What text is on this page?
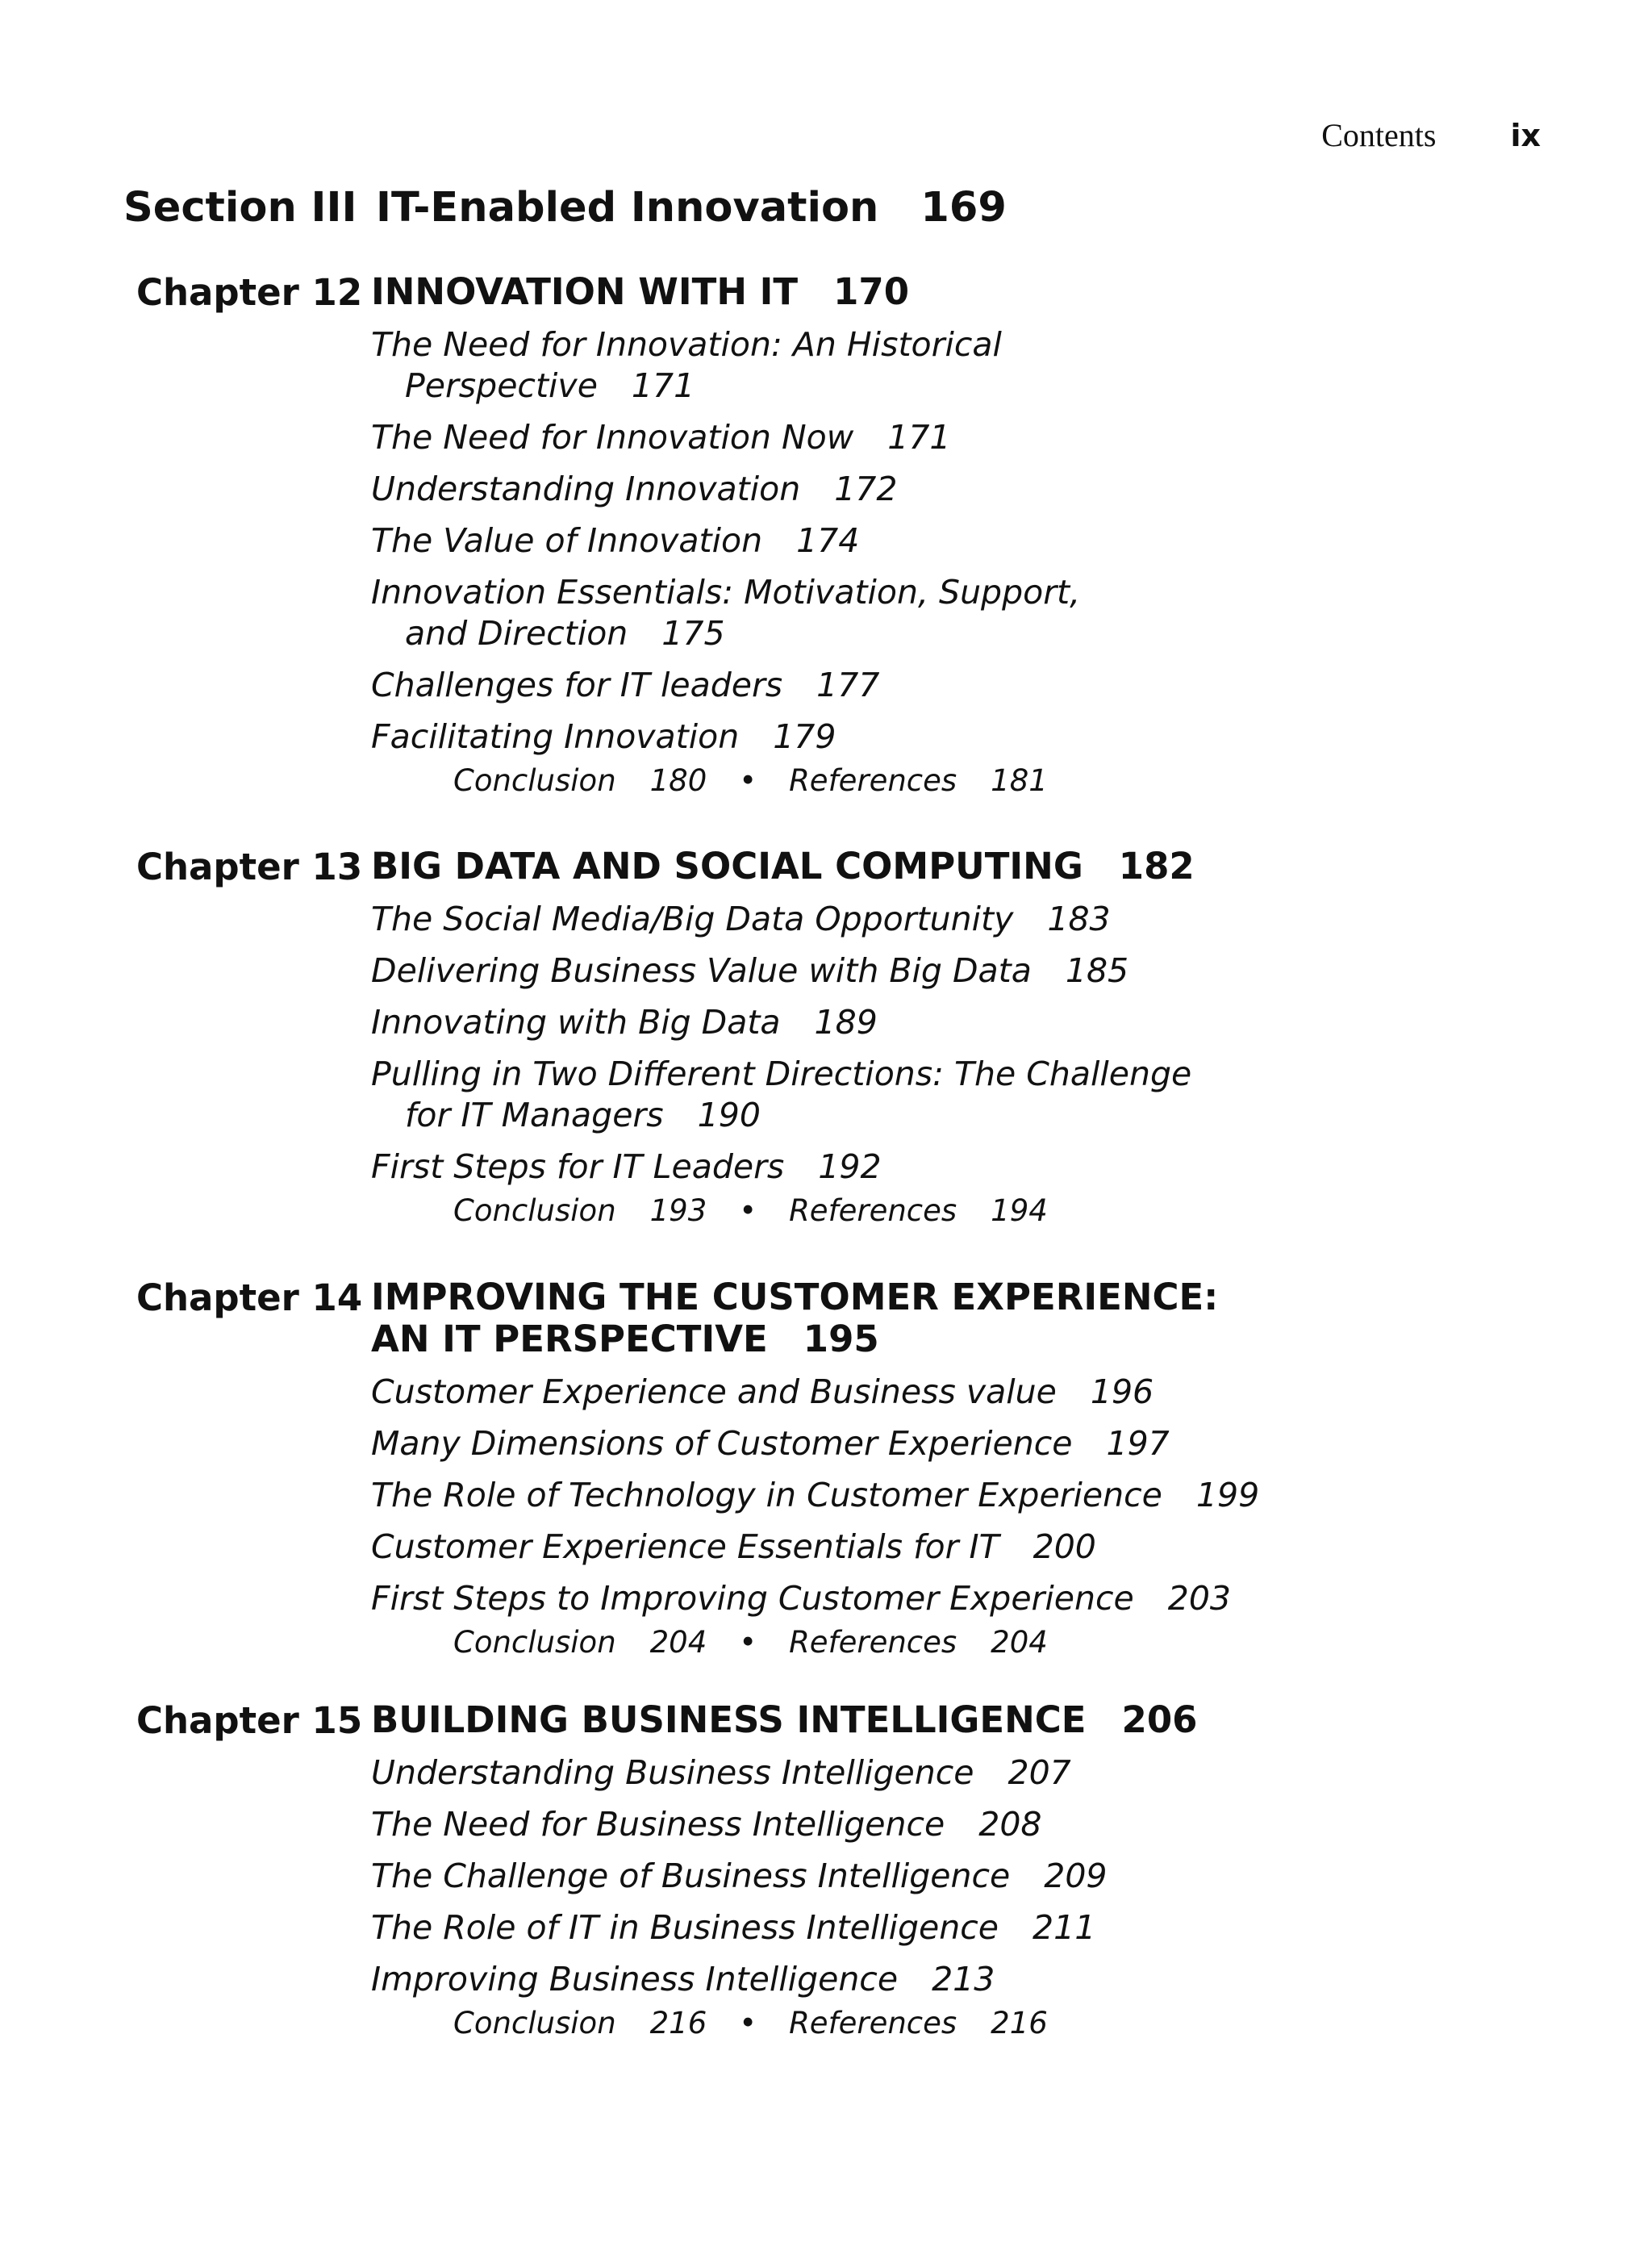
Contents ix
Section III IT-Enabled Innovation 169
Chapter 12 INNOVATION WITH IT 170
The Need for Innovation: An Historical
Perspective 171
The Need for Innovation Now 171
Understanding Innovation 172
The Value of Innovation 174
Innovation Essentials: Motivation, Support,
and Direction 175
Challenges for IT leaders 177
Facilitating Innovation 179
Conclusion 180 • References 181
Chapter 13 BIG DATA AND SOCIAL COMPUTING 182
The Social Media/Big Data Opportunity 183
Delivering Business Value with Big Data 185
Innovating with Big Data 189
Pulling in Two Different Directions: The Challenge
for IT Managers 190
First Steps for IT Leaders 192
Conclusion 193 • References 194
Chapter 14 IMPROVING THE CUSTOMER EXPERIENCE:
AN IT PERSPECTIVE 195
Customer Experience and Business value 196
Many Dimensions of Customer Experience 197
The Role of Technology in Customer Experience 199
Customer Experience Essentials for IT 200
First Steps to Improving Customer Experience 203
Conclusion 204 • References 204
Chapter 15 BUILDING BUSINESS INTELLIGENCE 206
Understanding Business Intelligence 207
The Need for Business Intelligence 208
The Challenge of Business Intelligence 209
The Role of IT in Business Intelligence 211
Improving Business Intelligence 213
Conclusion 216 • References 216
